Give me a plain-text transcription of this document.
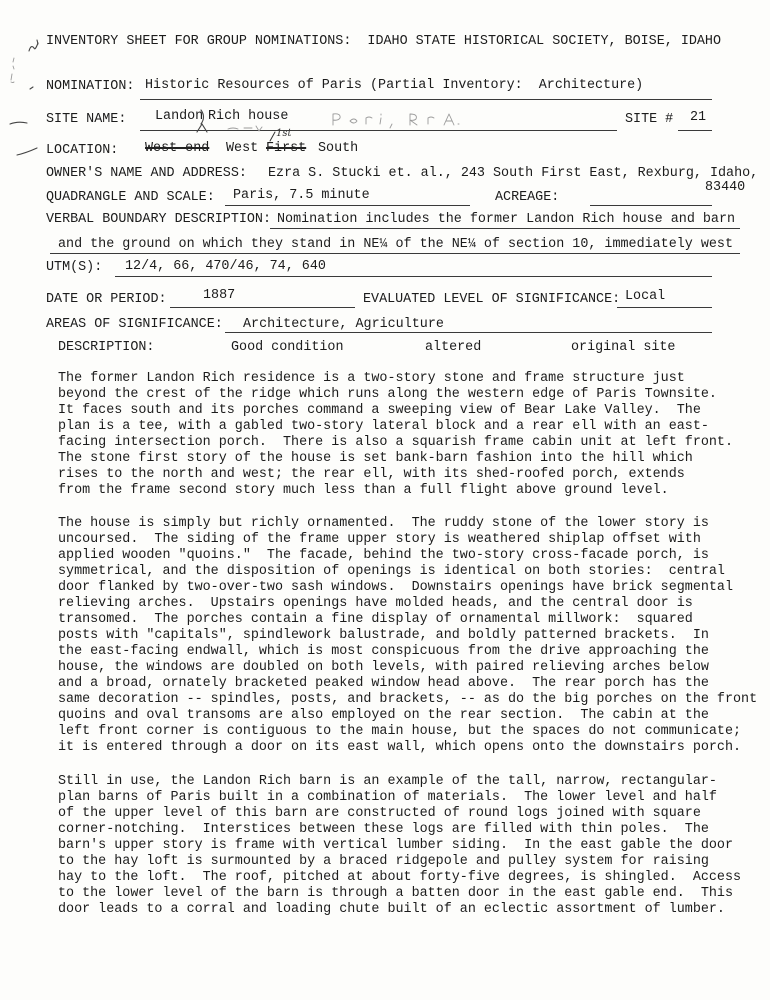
INVENTORY SHEET FOR GROUP NOMINATIONS:  IDAHO STATE HISTORICAL SOCIETY, BOISE, IDAHO
NOMINATION: Historic Resources of Paris (Partial Inventory:  Architecture)
SITE NAME: Landon Rich house	SITE # 21
LOCATION: West end West First South
1st
OWNER'S NAME AND ADDRESS: Ezra S. Stucki et. al., 243 South First East, Rexburg, Idaho,
83440
QUADRANGLE AND SCALE: Paris, 7.5 minute	ACREAGE:
VERBAL BOUNDARY DESCRIPTION: Nomination includes the former Landon Rich house and barn
and the ground on which they stand in NE¼ of the NE¼ of section 10, immediately west
UTM(S): 12/4, 66, 470/46, 74, 640
DATE OR PERIOD:	1887	EVALUATED LEVEL OF SIGNIFICANCE: Local
AREAS OF SIGNIFICANCE: Architecture, Agriculture
DESCRIPTION:	Good condition	altered	original site
The former Landon Rich residence is a two-story stone and frame structure just
beyond the crest of the ridge which runs along the western edge of Paris Townsite.
It faces south and its porches command a sweeping view of Bear Lake Valley.  The
plan is a tee, with a gabled two-story lateral block and a rear ell with an east-
facing intersection porch.  There is also a squarish frame cabin unit at left front.
The stone first story of the house is set bank-barn fashion into the hill which
rises to the north and west; the rear ell, with its shed-roofed porch, extends
from the frame second story much less than a full flight above ground level.
The house is simply but richly ornamented.  The ruddy stone of the lower story is
uncoursed.  The siding of the frame upper story is weathered shiplap offset with
applied wooden "quoins."  The facade, behind the two-story cross-facade porch, is
symmetrical, and the disposition of openings is identical on both stories:  central
door flanked by two-over-two sash windows.  Downstairs openings have brick segmental
relieving arches.  Upstairs openings have molded heads, and the central door is
transomed.  The porches contain a fine display of ornamental millwork:  squared
posts with "capitals", spindlework balustrade, and boldly patterned brackets.  In
the east-facing endwall, which is most conspicuous from the drive approaching the
house, the windows are doubled on both levels, with paired relieving arches below
and a broad, ornately bracketed peaked window head above.  The rear porch has the
same decoration -- spindles, posts, and brackets, -- as do the big porches on the front
quoins and oval transoms are also employed on the rear section.  The cabin at the
left front corner is contiguous to the main house, but the spaces do not communicate;
it is entered through a door on its east wall, which opens onto the downstairs porch.
Still in use, the Landon Rich barn is an example of the tall, narrow, rectangular-
plan barns of Paris built in a combination of materials.  The lower level and half
of the upper level of this barn are constructed of round logs joined with square
corner-notching.  Interstices between these logs are filled with thin poles.  The
barn's upper story is frame with vertical lumber siding.  In the east gable the door
to the hay loft is surmounted by a braced ridgepole and pulley system for raising
hay to the loft.  The roof, pitched at about forty-five degrees, is shingled.  Access
to the lower level of the barn is through a batten door in the east gable end.  This
door leads to a corral and loading chute built of an eclectic assortment of lumber.
